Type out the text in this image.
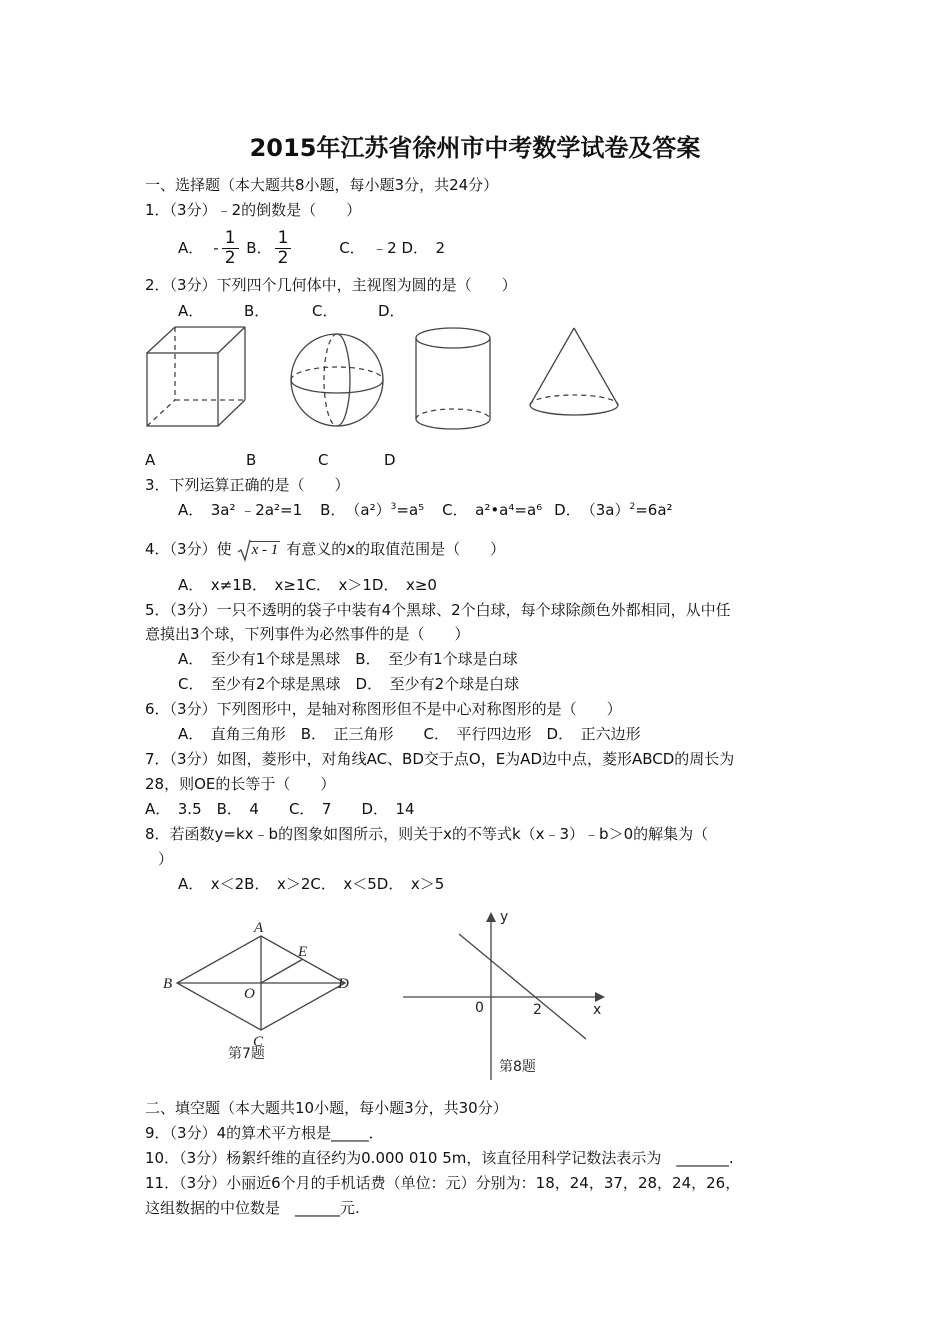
2015年江苏省徐州市中考数学试卷及答案
一、选择题（本大题共8小题，每小题3分，共24分）
1．（3分）﹣2的倒数是（　　）
A． - $\frac{1}{2}$ B． $\frac{1}{2}$	C．　﹣2 D．　2
2．（3分）下列四个几何体中，主视图为圆的是（　　）
A．	B．	C．	D．
A	B	C	D
3．下列运算正确的是（　　）
A．　3a² ﹣2a²=1 B．　$(a^2)^3=a^5$ C．　a²•a⁴=a⁶ D．　$(3a)^2=6a^2$
4．（3分）使 x - 1 有意义的x的取值范围是（　　）
A．　x≠1B．　x≥1C．　x＞1D．　x≥0
5．（3分）一只不透明的袋子中装有4个黑球、2个白球，每个球除颜色外都相同，从中任
意摸出3个球，下列事件为必然事件的是（　　）
A．　至少有1个球是黑球　B．　至少有1个球是白球
C．　至少有2个球是黑球　D．　至少有2个球是白球
6．（3分）下列图形中，是轴对称图形但不是中心对称图形的是（　　）
A．　直角三角形　B．　正三角形　　C．　平行四边形　D．　正六边形
7．（3分）如图，菱形中，对角线AC、BD交于点O，E为AD边中点，菱形ABCD的周长为
28，则OE的长等于（　　）
A．　3.5　B．　4　　C．　7　　D．　14
8．若函数y=kx﹣b的图象如图所示，则关于x的不等式k（x﹣3）﹣b＞0的解集为（
）
A．　x＜2B．　x＞2C．　x＜5D．　x＞5
A
B
C
D
E
O
第7题
y
x
0	2
第8题
二、填空题（本大题共10小题，每小题3分，共30分）
9．（3分）4的算术平方根是_____．
10．（3分）杨絮纤维的直径约为0.000 010 5m，该直径用科学记数法表示为　_______.
11．（3分）小丽近6个月的手机话费（单位：元）分别为：18，24，37，28，24，26，
这组数据的中位数是　______元.
